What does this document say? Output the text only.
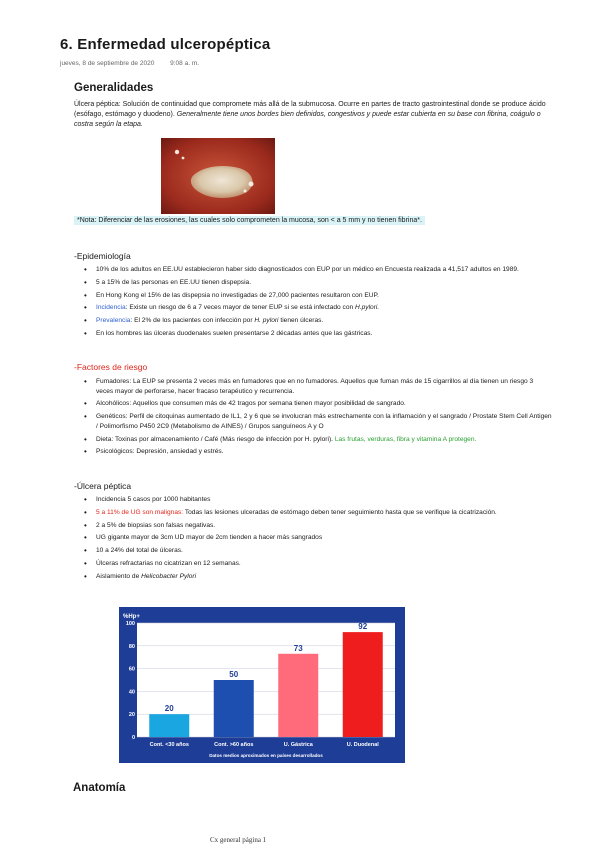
6. Enfermedad ulceropéptica
jueves, 8 de septiembre de 2020 9:08 a. m.
Generalidades
Úlcera péptica: Solución de continuidad que compromete más allá de la submucosa. Ocurre en partes de tracto gastrointestinal donde se produce ácido (esófago, estómago y duodeno). Generalmente tiene unos bordes bien definidos, congestivos y puede estar cubierta en su base con fibrina, coágulo o costra según la etapa.
*Nota: Diferenciar de las erosiones, las cuales solo comprometen la mucosa, son < a 5 mm y no tienen fibrina*.
-Epidemiología
• 10% de los adultos en EE.UU establecieron haber sido diagnosticados con EUP por un médico en Encuesta realizada a 41,517 adultos en 1989.
• 5 a 15% de las personas en EE.UU tienen dispepsia.
• En Hong Kong el 15% de las dispepsia no investigadas de 27,000 pacientes resultaron con EUP.
• Incidencia: Existe un riesgo de 6 a 7 veces mayor de tener EUP si se está infectado con H.pylori.
• Prevalencia: El 2% de los pacientes con infección por H. pylori tienen úlceras.
• En los hombres las úlceras duodenales suelen presentarse 2 décadas antes que las gástricas.
-Factores de riesgo
• Fumadores: La EUP se presenta 2 veces más en fumadores que en no fumadores. Aquellos que fuman más de 15 cigarrillos al día tienen un riesgo 3 veces mayor de perforarse, hacer fracaso terapéutico y recurrencia.
• Alcohólicos: Aquellos que consumen más de 42 tragos por semana tienen mayor posibilidad de sangrado.
• Genéticos: Perfil de citoquinas aumentado de IL1, 2 y 6 que se involucran más estrechamente con la inflamación y el sangrado / Prostate Stem Cell Antigen / Polimorfismo P450 2C9 (Metabolismo de AINES) / Grupos sanguíneos A y O
• Dieta: Toxinas por almacenamiento / Café (Más riesgo de infección por H. pylori). Las frutas, verduras, fibra y vitamina A protegen.
• Psicológicos: Depresión, ansiedad y estrés.
-Úlcera péptica
• Incidencia 5 casos por 1000 habitantes
• 5 a 11% de UG son malignas: Todas las lesiones ulceradas de estómago deben tener seguimiento hasta que se verifique la cicatrización.
• 2 a 5% de biopsias son falsas negativas.
• UG gigante mayor de 3cm UD mayor de 2cm tienden a hacer más sangrados
• 10 a 24% del total de úlceras.
• Úlceras refractarias no cicatrizan en 12 semanas.
• Aislamiento de Helicobacter Pylori
%Hp+
0
20
40
60
80
100
20
50
73
92
Cont. <30 años	Cont. >60 años	U. Gástrica	U. Duodenal
Datos medios aproximados en países desarrollados
Anatomía
Cx general página 1
